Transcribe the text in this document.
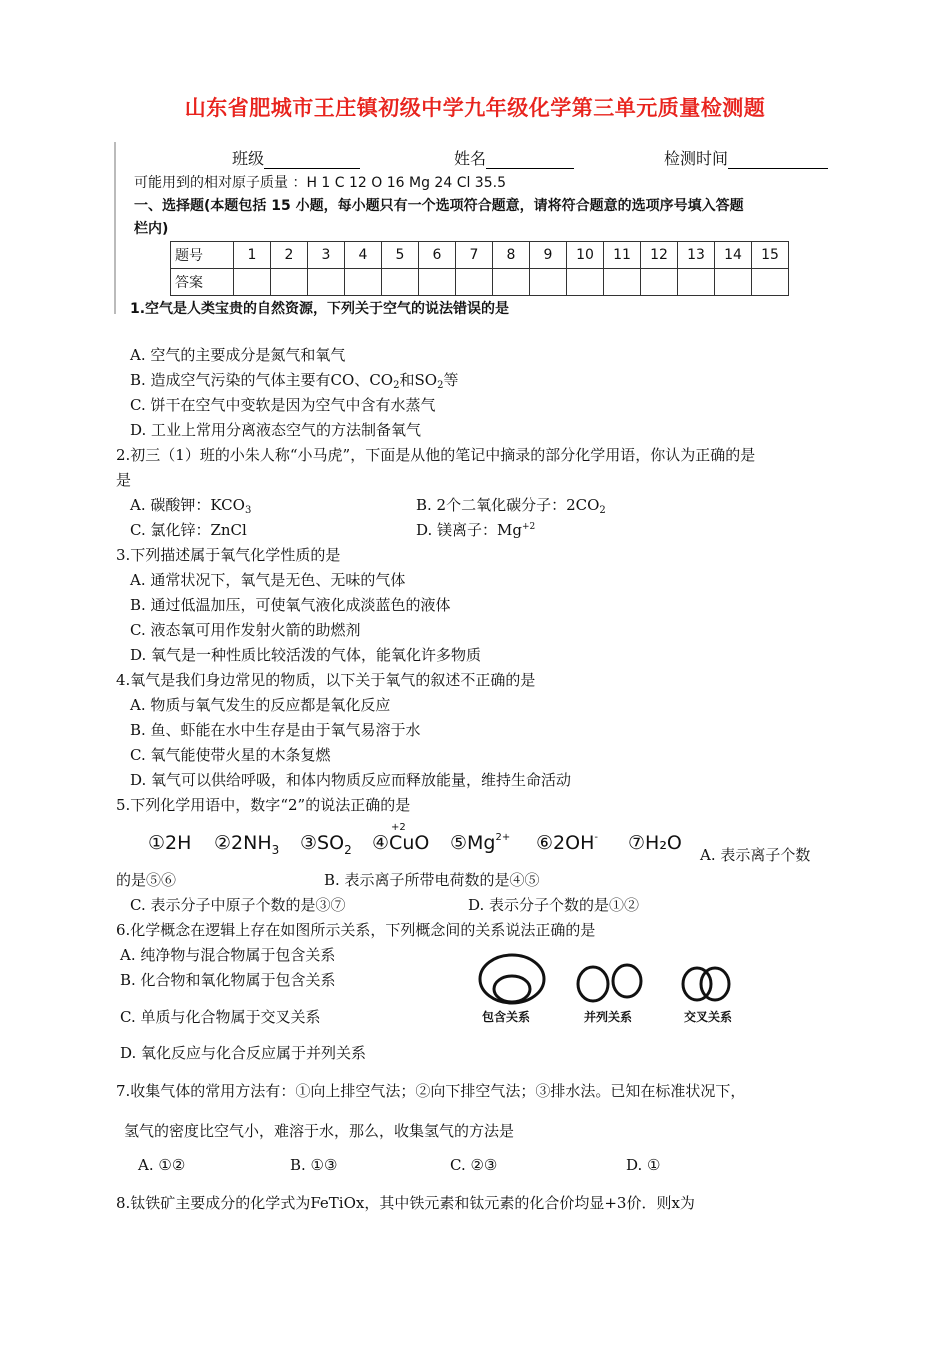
山东省肥城市王庄镇初级中学九年级化学第三单元质量检测题
班级	姓名	检测时间
可能用到的相对原子质量 ：H 1 C 12 O 16 Mg 24 Cl 35.5
一、选择题(本题包括 15 小题，每小题只有一个选项符合题意，请将符合题意的选项序号填入答题
栏内)
题号	1	2	3	4	5	6	7	8	9	10	11	12	13	14	15
答案															
1.空气是人类宝贵的自然资源，下列关于空气的说法错误的是
A. 空气的主要成分是氮气和氧气
B. 造成空气污染的气体主要有CO、$CO_2$和$SO_2$等
C. 饼干在空气中变软是因为空气中含有水蒸气
D. 工业上常用分离液态空气的方法制备氧气
2.初三（1）班的小朱人称“小马虎”，下面是从他的笔记中摘录的部分化学用语，你认为正确的是
是
A. 碳酸钾：$KCO_3$	B. 2个二氧化碳分子：$2CO_2$
C. 氯化锌：ZnCl	D. 镁离子：$Mg^{+2}$
3.下列描述属于氧气化学性质的是
A. 通常状况下，氧气是无色、无味的气体
B. 通过低温加压，可使氧气液化成淡蓝色的液体
C. 液态氧可用作发射火箭的助燃剂
D. 氧气是一种性质比较活泼的气体，能氧化许多物质
4.氧气是我们身边常见的物质，以下关于氧气的叙述不正确的是
A. 物质与氧气发生的反应都是氧化反应
B. 鱼、虾能在水中生存是由于氧气易溶于水
C. 氧气能使带火星的木条复燃
D. 氧气可以供给呼吸，和体内物质反应而释放能量，维持生命活动
5.下列化学用语中，数字“2”的说法正确的是
①2H $②2NH_3$ $③SO_2$ ④
+2
CuO $⑤Mg^{2+}$ ⑥2OH- ⑦H₂O
A. 表示离子个数
的是⑤⑥	B. 表示离子所带电荷数的是④⑤
C. 表示分子中原子个数的是③⑦	D. 表示分子个数的是①②
6.化学概念在逻辑上存在如图所示关系，下列概念间的关系说法正确的是
A. 纯净物与混合物属于包含关系
B. 化合物和氧化物属于包含关系
C. 单质与化合物属于交叉关系
D. 氧化反应与化合反应属于并列关系
包含关系	并列关系	交叉关系
7.收集气体的常用方法有：①向上排空气法；②向下排空气法；③排水法。已知在标准状况下，
氢气的密度比空气小，难溶于水，那么，收集氢气的方法是
A. ①②	B. ①③	C. ②③	D. ①
8.钛铁矿主要成分的化学式为FeTiOx，其中铁元素和钛元素的化合价均显+3价．则x为
